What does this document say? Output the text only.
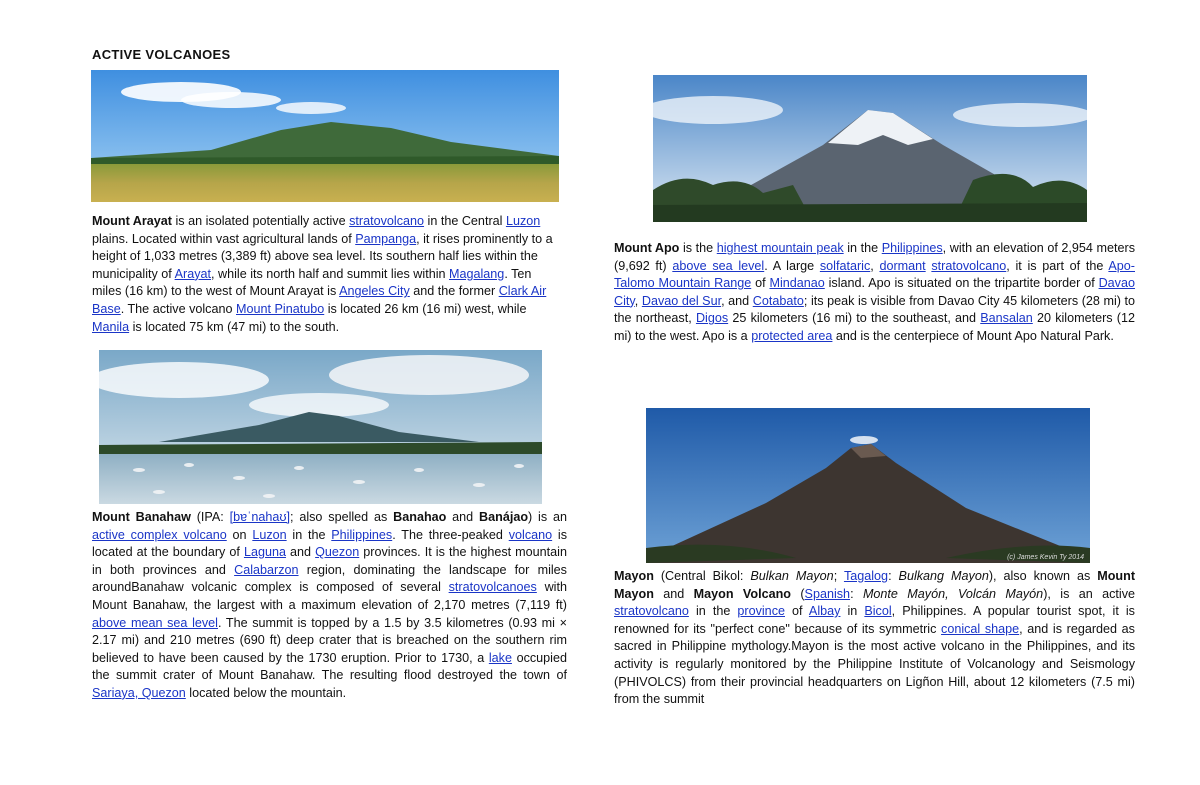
ACTIVE VOLCANOES
(c) James Kevin Ty 2014
Mount Arayat is an isolated potentially active stratovolcano in the Central Luzon plains. Located within vast agricultural lands of Pampanga, it rises prominently to a height of 1,033 metres (3,389 ft) above sea level. Its southern half lies within the municipality of Arayat, while its north half and summit lies within Magalang. Ten miles (16 km) to the west of Mount Arayat is Angeles City and the former Clark Air Base. The active volcano Mount Pinatubo is located 26 km (16 mi) west, while Manila is located 75 km (47 mi) to the south.
Mount Apo is the highest mountain peak in the Philippines, with an elevation of 2,954 meters (9,692 ft) above sea level. A large solfataric, dormant stratovolcano, it is part of the Apo-Talomo Mountain Range of Mindanao island. Apo is situated on the tripartite border of Davao City, Davao del Sur, and Cotabato; its peak is visible from Davao City 45 kilometers (28 mi) to the northeast, Digos 25 kilometers (16 mi) to the southeast, and Bansalan 20 kilometers (12 mi) to the west. Apo is a protected area and is the centerpiece of Mount Apo Natural Park.
Mount Banahaw (IPA: [bɐˈnahaʊ]; also spelled as Banahao and Banájao) is an active complex volcano on Luzon in the Philippines. The three-peaked volcano is located at the boundary of Laguna and Quezon provinces. It is the highest mountain in both provinces and Calabarzon region, dominating the landscape for miles aroundBanahaw volcanic complex is composed of several stratovolcanoes with Mount Banahaw, the largest with a maximum elevation of 2,170 metres (7,119 ft) above mean sea level. The summit is topped by a 1.5 by 3.5 kilometres (0.93 mi × 2.17 mi) and 210 metres (690 ft) deep crater that is breached on the southern rim believed to have been caused by the 1730 eruption. Prior to 1730, a lake occupied the summit crater of Mount Banahaw. The resulting flood destroyed the town of Sariaya, Quezon located below the mountain.
Mayon (Central Bikol: Bulkan Mayon; Tagalog: Bulkang Mayon), also known as Mount Mayon and Mayon Volcano (Spanish: Monte Mayón, Volcán Mayón), is an active stratovolcano in the province of Albay in Bicol, Philippines. A popular tourist spot, it is renowned for its "perfect cone" because of its symmetric conical shape, and is regarded as sacred in Philippine mythology.Mayon is the most active volcano in the Philippines, and its activity is regularly monitored by the Philippine Institute of Volcanology and Seismology (PHIVOLCS) from their provincial headquarters on Ligñon Hill, about 12 kilometers (7.5 mi) from the summit
